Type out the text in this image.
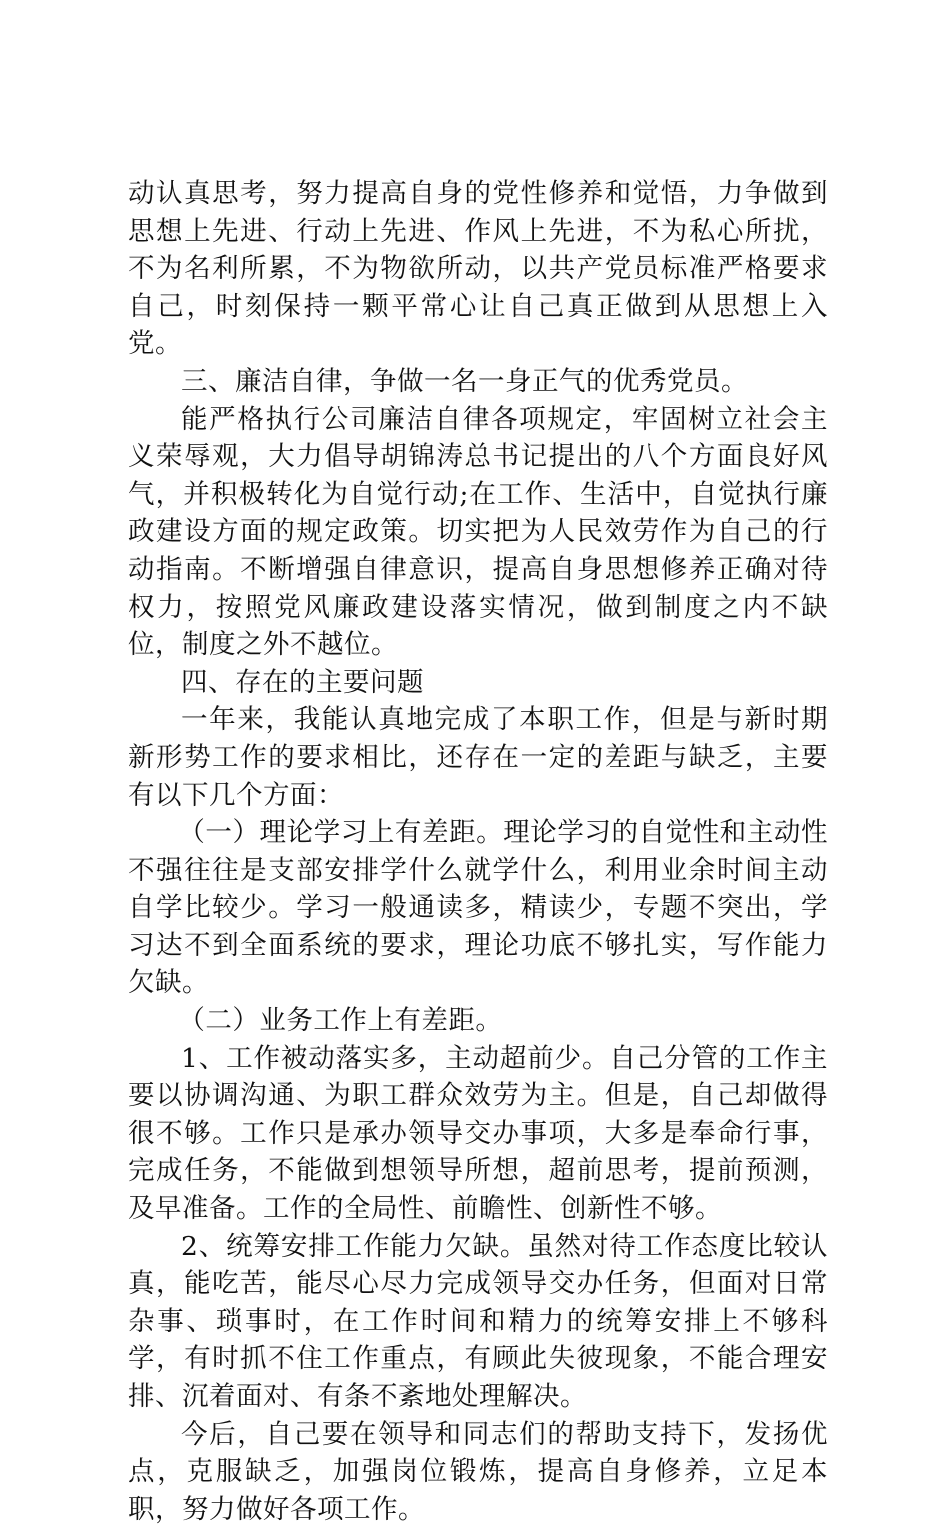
动认真思考，努力提高自身的党性修养和觉悟，力争做到思想上先进、行动上先进、作风上先进，不为私心所扰，不为名利所累，不为物欲所动，以共产党员标准严格要求自己，时刻保持一颗平常心让自己真正做到从思想上入党。

三、廉洁自律，争做一名一身正气的优秀党员。

能严格执行公司廉洁自律各项规定，牢固树立社会主义荣辱观，大力倡导胡锦涛总书记提出的八个方面良好风气，并积极转化为自觉行动;在工作、生活中，自觉执行廉政建设方面的规定政策。切实把为人民效劳作为自己的行动指南。不断增强自律意识，提高自身思想修养正确对待权力，按照党风廉政建设落实情况，做到制度之内不缺位，制度之外不越位。

四、存在的主要问题

一年来，我能认真地完成了本职工作，但是与新时期新形势工作的要求相比，还存在一定的差距与缺乏，主要有以下几个方面：

（一）理论学习上有差距。理论学习的自觉性和主动性不强往往是支部安排学什么就学什么，利用业余时间主动自学比较少。学习一般通读多，精读少，专题不突出，学习达不到全面系统的要求，理论功底不够扎实，写作能力欠缺。

（二）业务工作上有差距。

1、工作被动落实多，主动超前少。自己分管的工作主要以协调沟通、为职工群众效劳为主。但是，自己却做得很不够。工作只是承办领导交办事项，大多是奉命行事，完成任务，不能做到想领导所想，超前思考，提前预测，及早准备。工作的全局性、前瞻性、创新性不够。

2、统筹安排工作能力欠缺。虽然对待工作态度比较认真，能吃苦，能尽心尽力完成领导交办任务，但面对日常杂事、琐事时，在工作时间和精力的统筹安排上不够科学，有时抓不住工作重点，有顾此失彼现象，不能合理安排、沉着面对、有条不紊地处理解决。

今后，自己要在领导和同志们的帮助支持下，发扬优点，克服缺乏，加强岗位锻炼，提高自身修养，立足本职，努力做好各项工作。
